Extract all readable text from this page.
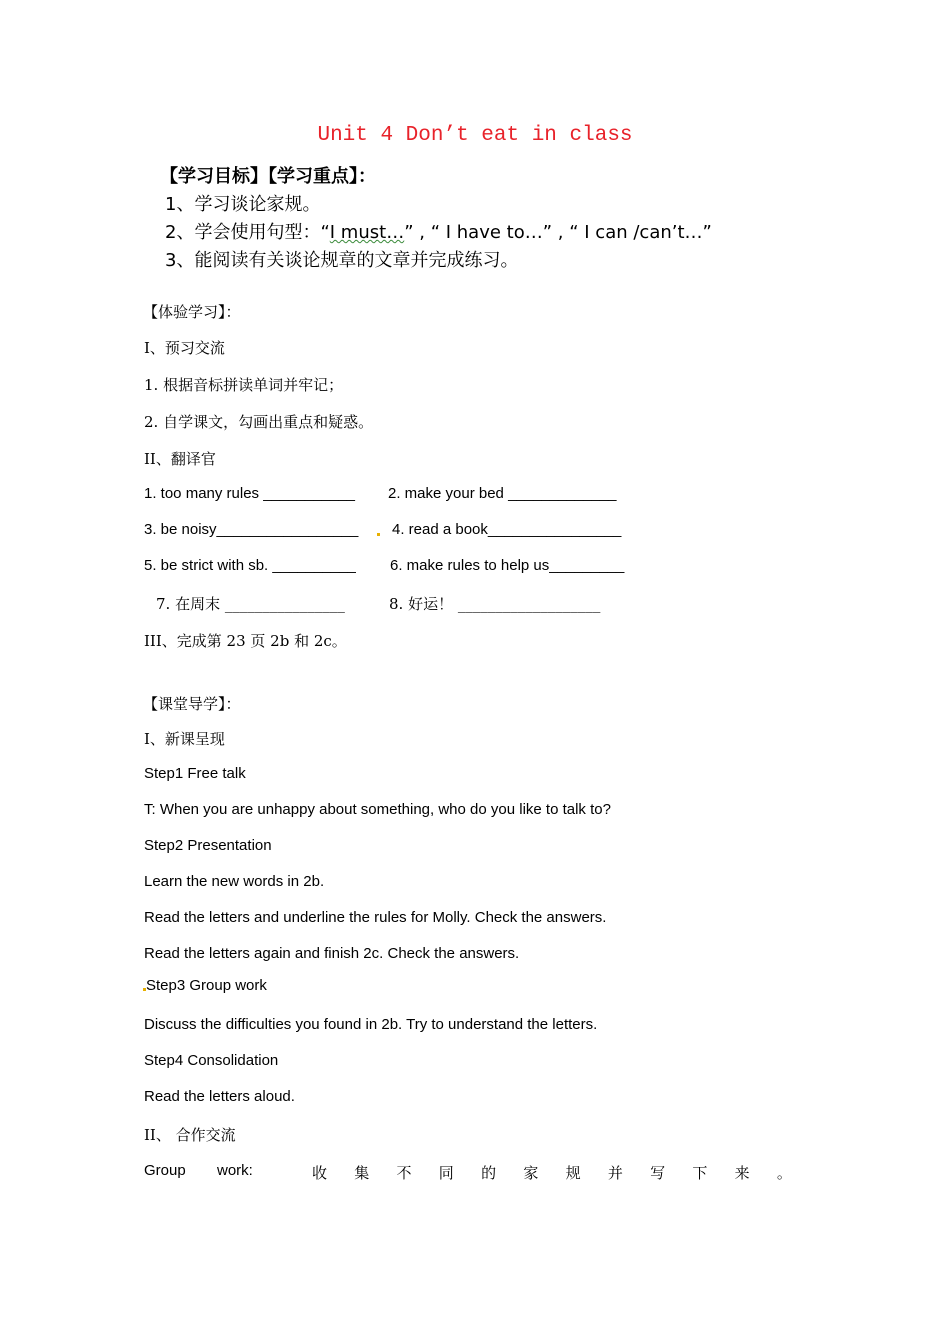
Unit 4 Don’t eat in class
【学习目标】【学习重点】：
1、学习谈论家规。
2、学会使用句型：“I must…” , “ I have to…” , “ I can /can’t…”
3、能阅读有关谈论规章的文章并完成练习。
【体验学习】：
I、预习交流
1. 根据音标拼读单词并牢记；
2. 自学课文，勾画出重点和疑惑。
II、翻译官
1. too many rules ___________ 2. make your bed _____________
3. be noisy_________________ 4. read a book________________
5. be strict with sb. __________ 6. make rules to help us_________
7. 在周末 ________________	8. 好运！ ___________________
III、完成第 23 页 2b 和 2c。
【课堂导学】：
I、新课呈现
Step1 Free talk
T: When you are unhappy about something, who do you like to talk to?
Step2 Presentation
Learn the new words in 2b.
Read the letters and underline the rules for Molly. Check the answers.
Read the letters again and finish 2c. Check the answers.
Step3 Group work
Discuss the difficulties you found in 2b. Try to understand the letters.
Step4 Consolidation
Read the letters aloud.
II、 合作交流
Group work:	收 集 不 同 的 家 规 并 写 下 来 。
